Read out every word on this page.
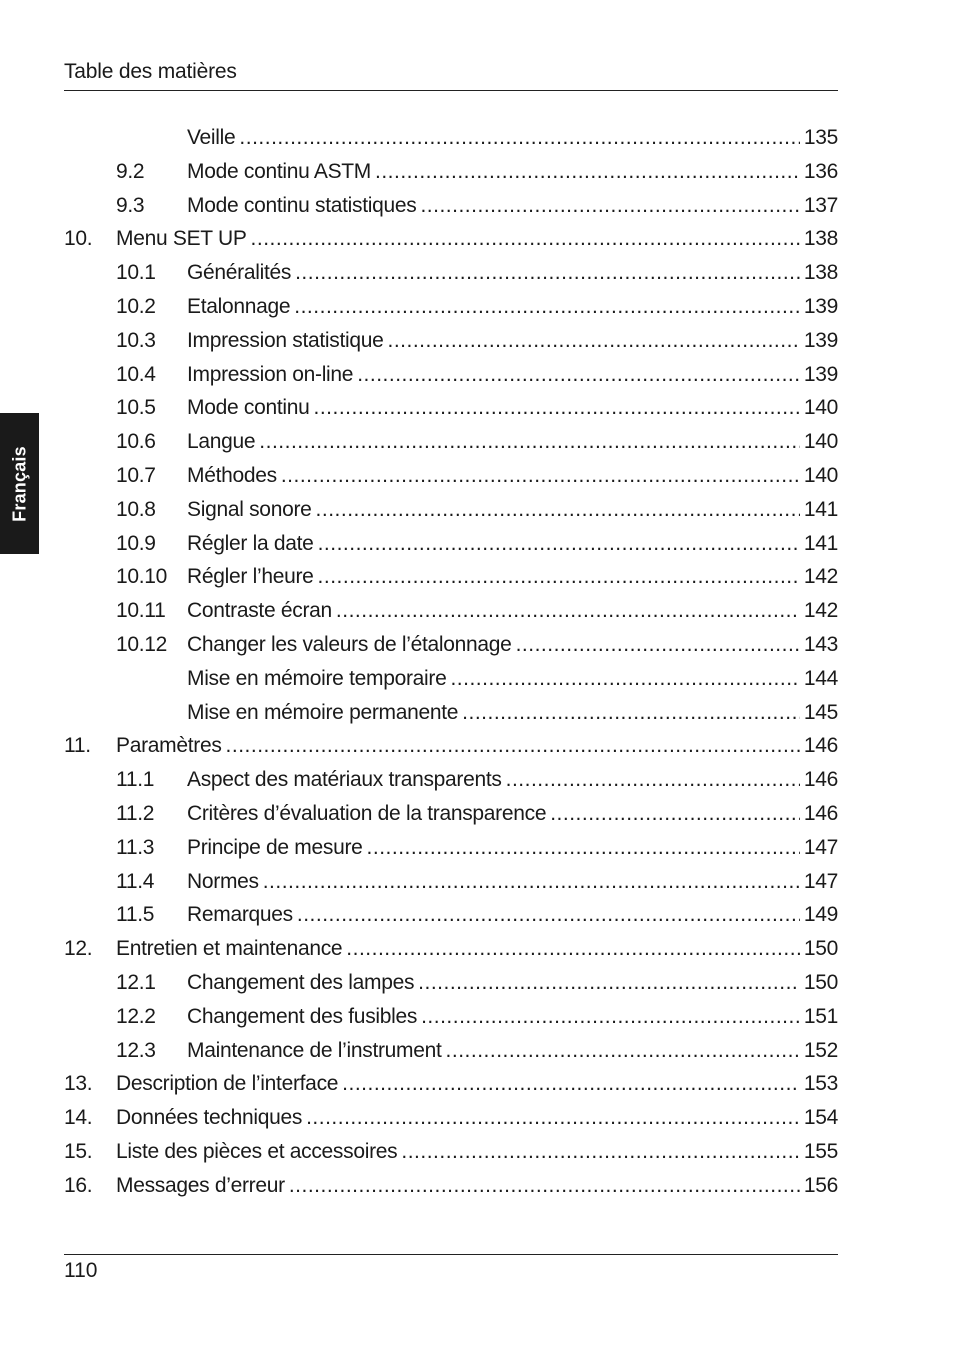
Table des matières
Français
Veille .....	135
9.2 Mode continu ASTM .....	136
9.3 Mode continu statistiques .....	137
10. Menu SET UP .....	138
10.1 Généralités .....	138
10.2 Etalonnage .....	139
10.3 Impression statistique .....	139
10.4 Impression on-line .....	139
10.5 Mode continu .....	140
10.6 Langue .....	140
10.7 Méthodes .....	140
10.8 Signal sonore .....	141
10.9 Régler la date .....	141
10.10 Régler l’heure .....	142
10.11 Contraste écran .....	142
10.12 Changer les valeurs de l’étalonnage .....	143
Mise en mémoire temporaire .....	144
Mise en mémoire permanente .....	145
11. Paramètres .....	146
11.1 Aspect des matériaux transparents .....	146
11.2 Critères d’évaluation de la transparence .....	146
11.3 Principe de mesure .....	147
11.4 Normes .....	147
11.5 Remarques .....	149
12. Entretien et maintenance .....	150
12.1 Changement des lampes .....	150
12.2 Changement des fusibles .....	151
12.3 Maintenance de l’instrument .....	152
13. Description de l’interface .....	153
14. Données techniques .....	154
15. Liste des pièces et accessoires .....	155
16. Messages d’erreur .....	156
110
